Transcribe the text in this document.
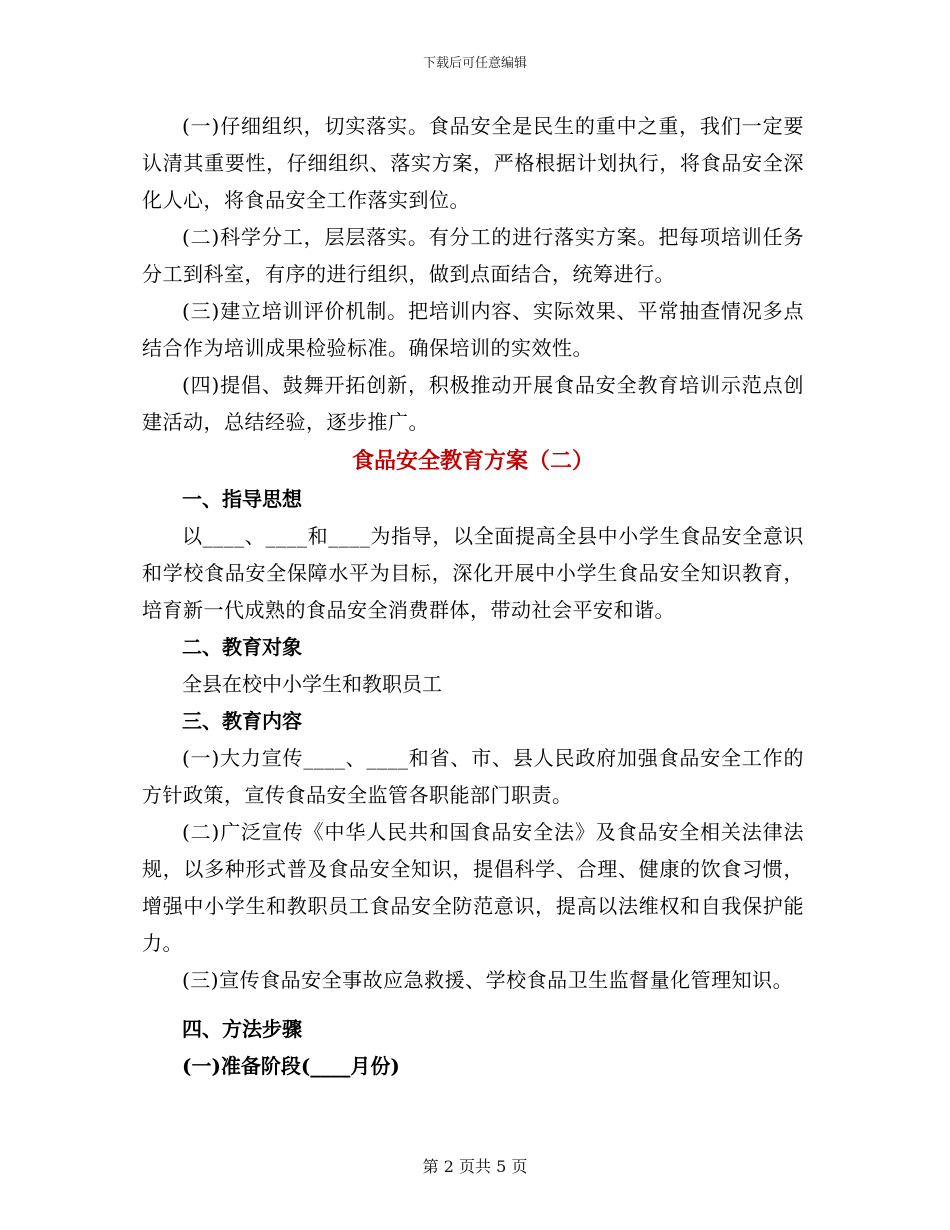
下载后可任意编辑

(一)仔细组织，切实落实。食品安全是民生的重中之重，我们一定要认清其重要性，仔细组织、落实方案，严格根据计划执行，将食品安全深化人心，将食品安全工作落实到位。

(二)科学分工，层层落实。有分工的进行落实方案。把每项培训任务分工到科室，有序的进行组织，做到点面结合，统筹进行。

(三)建立培训评价机制。把培训内容、实际效果、平常抽查情况多点结合作为培训成果检验标准。确保培训的实效性。

(四)提倡、鼓舞开拓创新，积极推动开展食品安全教育培训示范点创建活动，总结经验，逐步推广。

食品安全教育方案（二）

一、指导思想

以____、____和____为指导，以全面提高全县中小学生食品安全意识和学校食品安全保障水平为目标，深化开展中小学生食品安全知识教育，培育新一代成熟的食品安全消费群体，带动社会平安和谐。

二、教育对象

全县在校中小学生和教职员工

三、教育内容

(一)大力宣传____、____和省、市、县人民政府加强食品安全工作的方针政策，宣传食品安全监管各职能部门职责。

(二)广泛宣传《中华人民共和国食品安全法》及食品安全相关法律法规，以多种形式普及食品安全知识，提倡科学、合理、健康的饮食习惯，增强中小学生和教职员工食品安全防范意识，提高以法维权和自我保护能力。

(三)宣传食品安全事故应急救援、学校食品卫生监督量化管理知识。

四、方法步骤

(一)准备阶段(____月份)

第 2 页共 5 页
